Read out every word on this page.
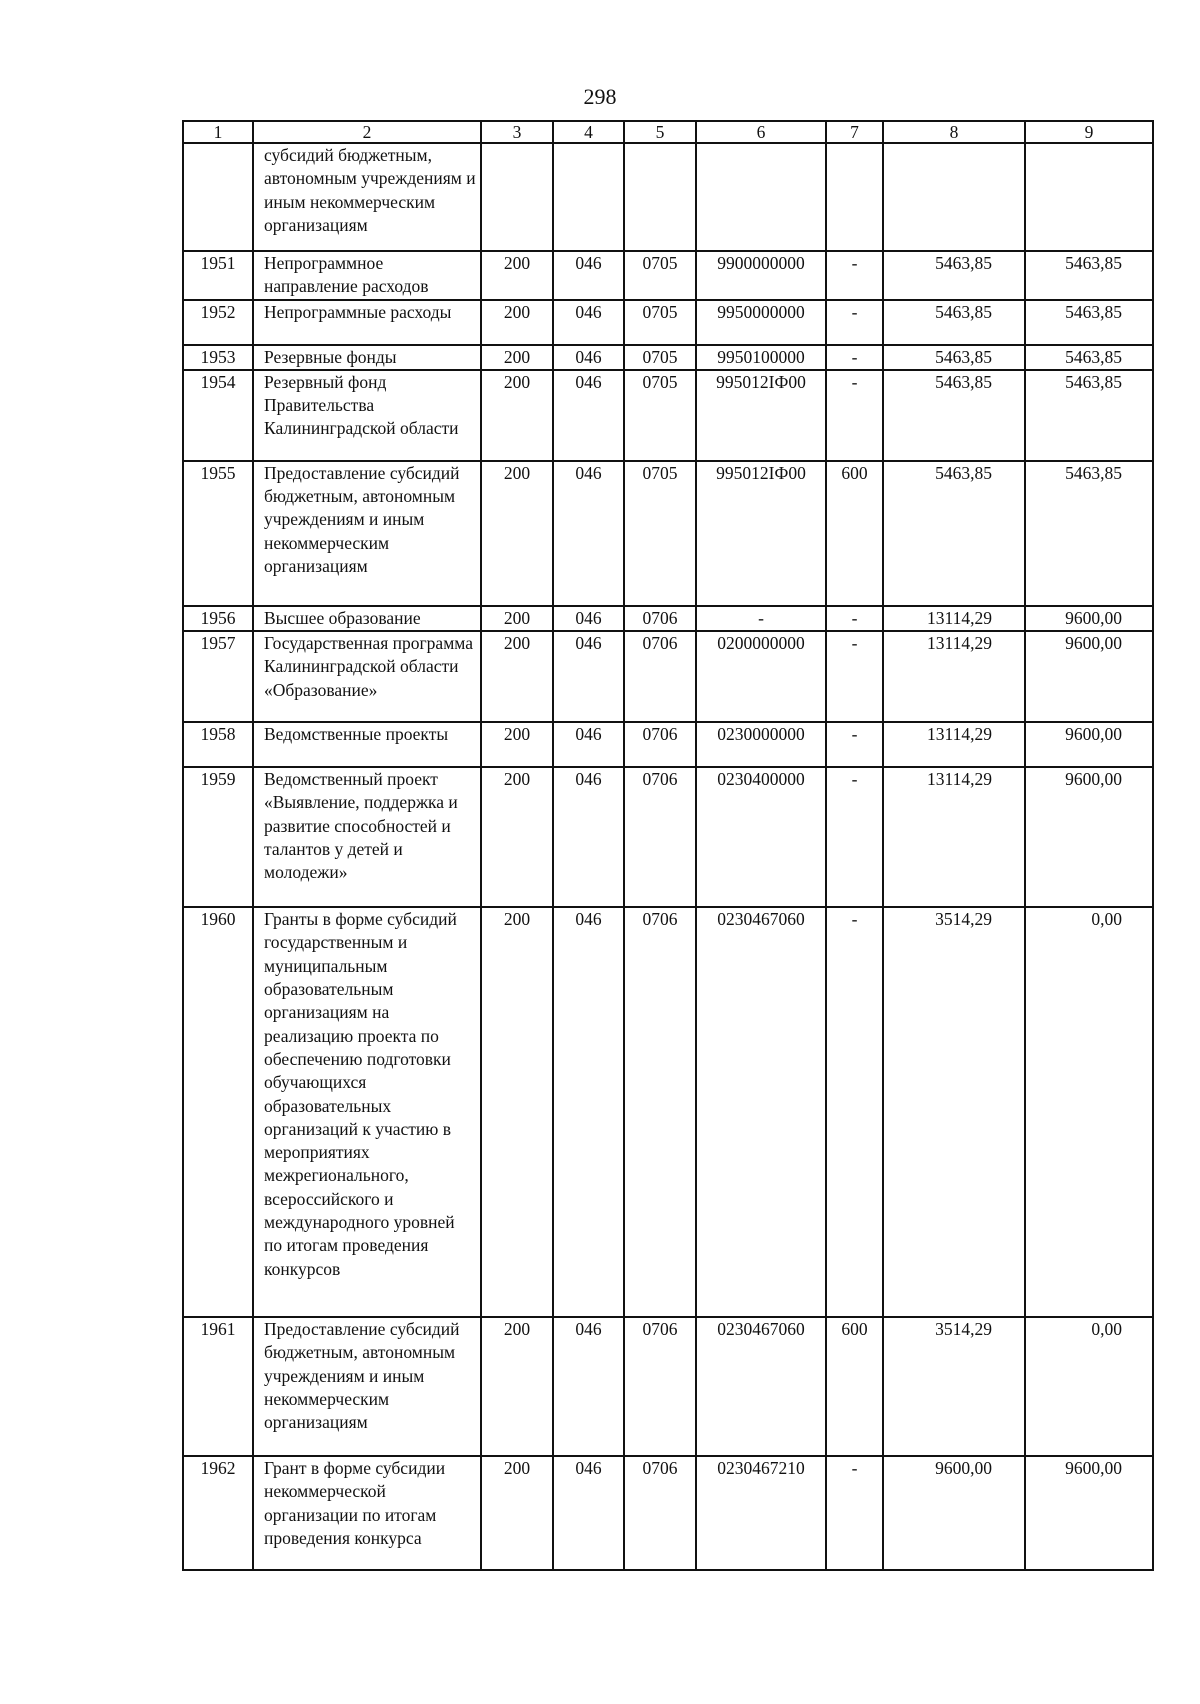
298
1	2	3	4	5	6	7	8	9

	субсидий бюджетным, автономным учреждениям и иным некоммерческим организациям							

1951	Непрограммное направление расходов	200	046	0705	9900000000	-	5463,85	5463,85

1952	Непрограммные расходы	200	046	0705	9950000000	-	5463,85	5463,85

1953	Резервные фонды	200	046	0705	9950100000	-	5463,85	5463,85

1954	Резервный фонд Правительства Калининградской области	200	046	0705	995012IФ00	-	5463,85	5463,85

1955	Предоставление субсидий бюджетным, автономным учреждениям и иным некоммерческим организациям	200	046	0705	995012IФ00	600	5463,85	5463,85

1956	Высшее образование	200	046	0706	-	-	13114,29	9600,00

1957	Государственная программа Калининградской области «Образование»	200	046	0706	0200000000	-	13114,29	9600,00

1958	Ведомственные проекты	200	046	0706	0230000000	-	13114,29	9600,00

1959	Ведомственный проект «Выявление, поддержка и развитие способностей и талантов у детей и молодежи»	200	046	0706	0230400000	-	13114,29	9600,00

1960	Гранты в форме субсидий государственным и муниципальным образовательным организациям на реализацию проекта по обеспечению подготовки обучающихся образовательных организаций к участию в мероприятиях межрегионального, всероссийского и международного уровней по итогам проведения конкурсов	200	046	0706	0230467060	-	3514,29	0,00

1961	Предоставление субсидий бюджетным, автономным учреждениям и иным некоммерческим организациям	200	046	0706	0230467060	600	3514,29	0,00

1962	Грант в форме субсидии некоммерческой организации по итогам проведения конкурса	200	046	0706	0230467210	-	9600,00	9600,00
